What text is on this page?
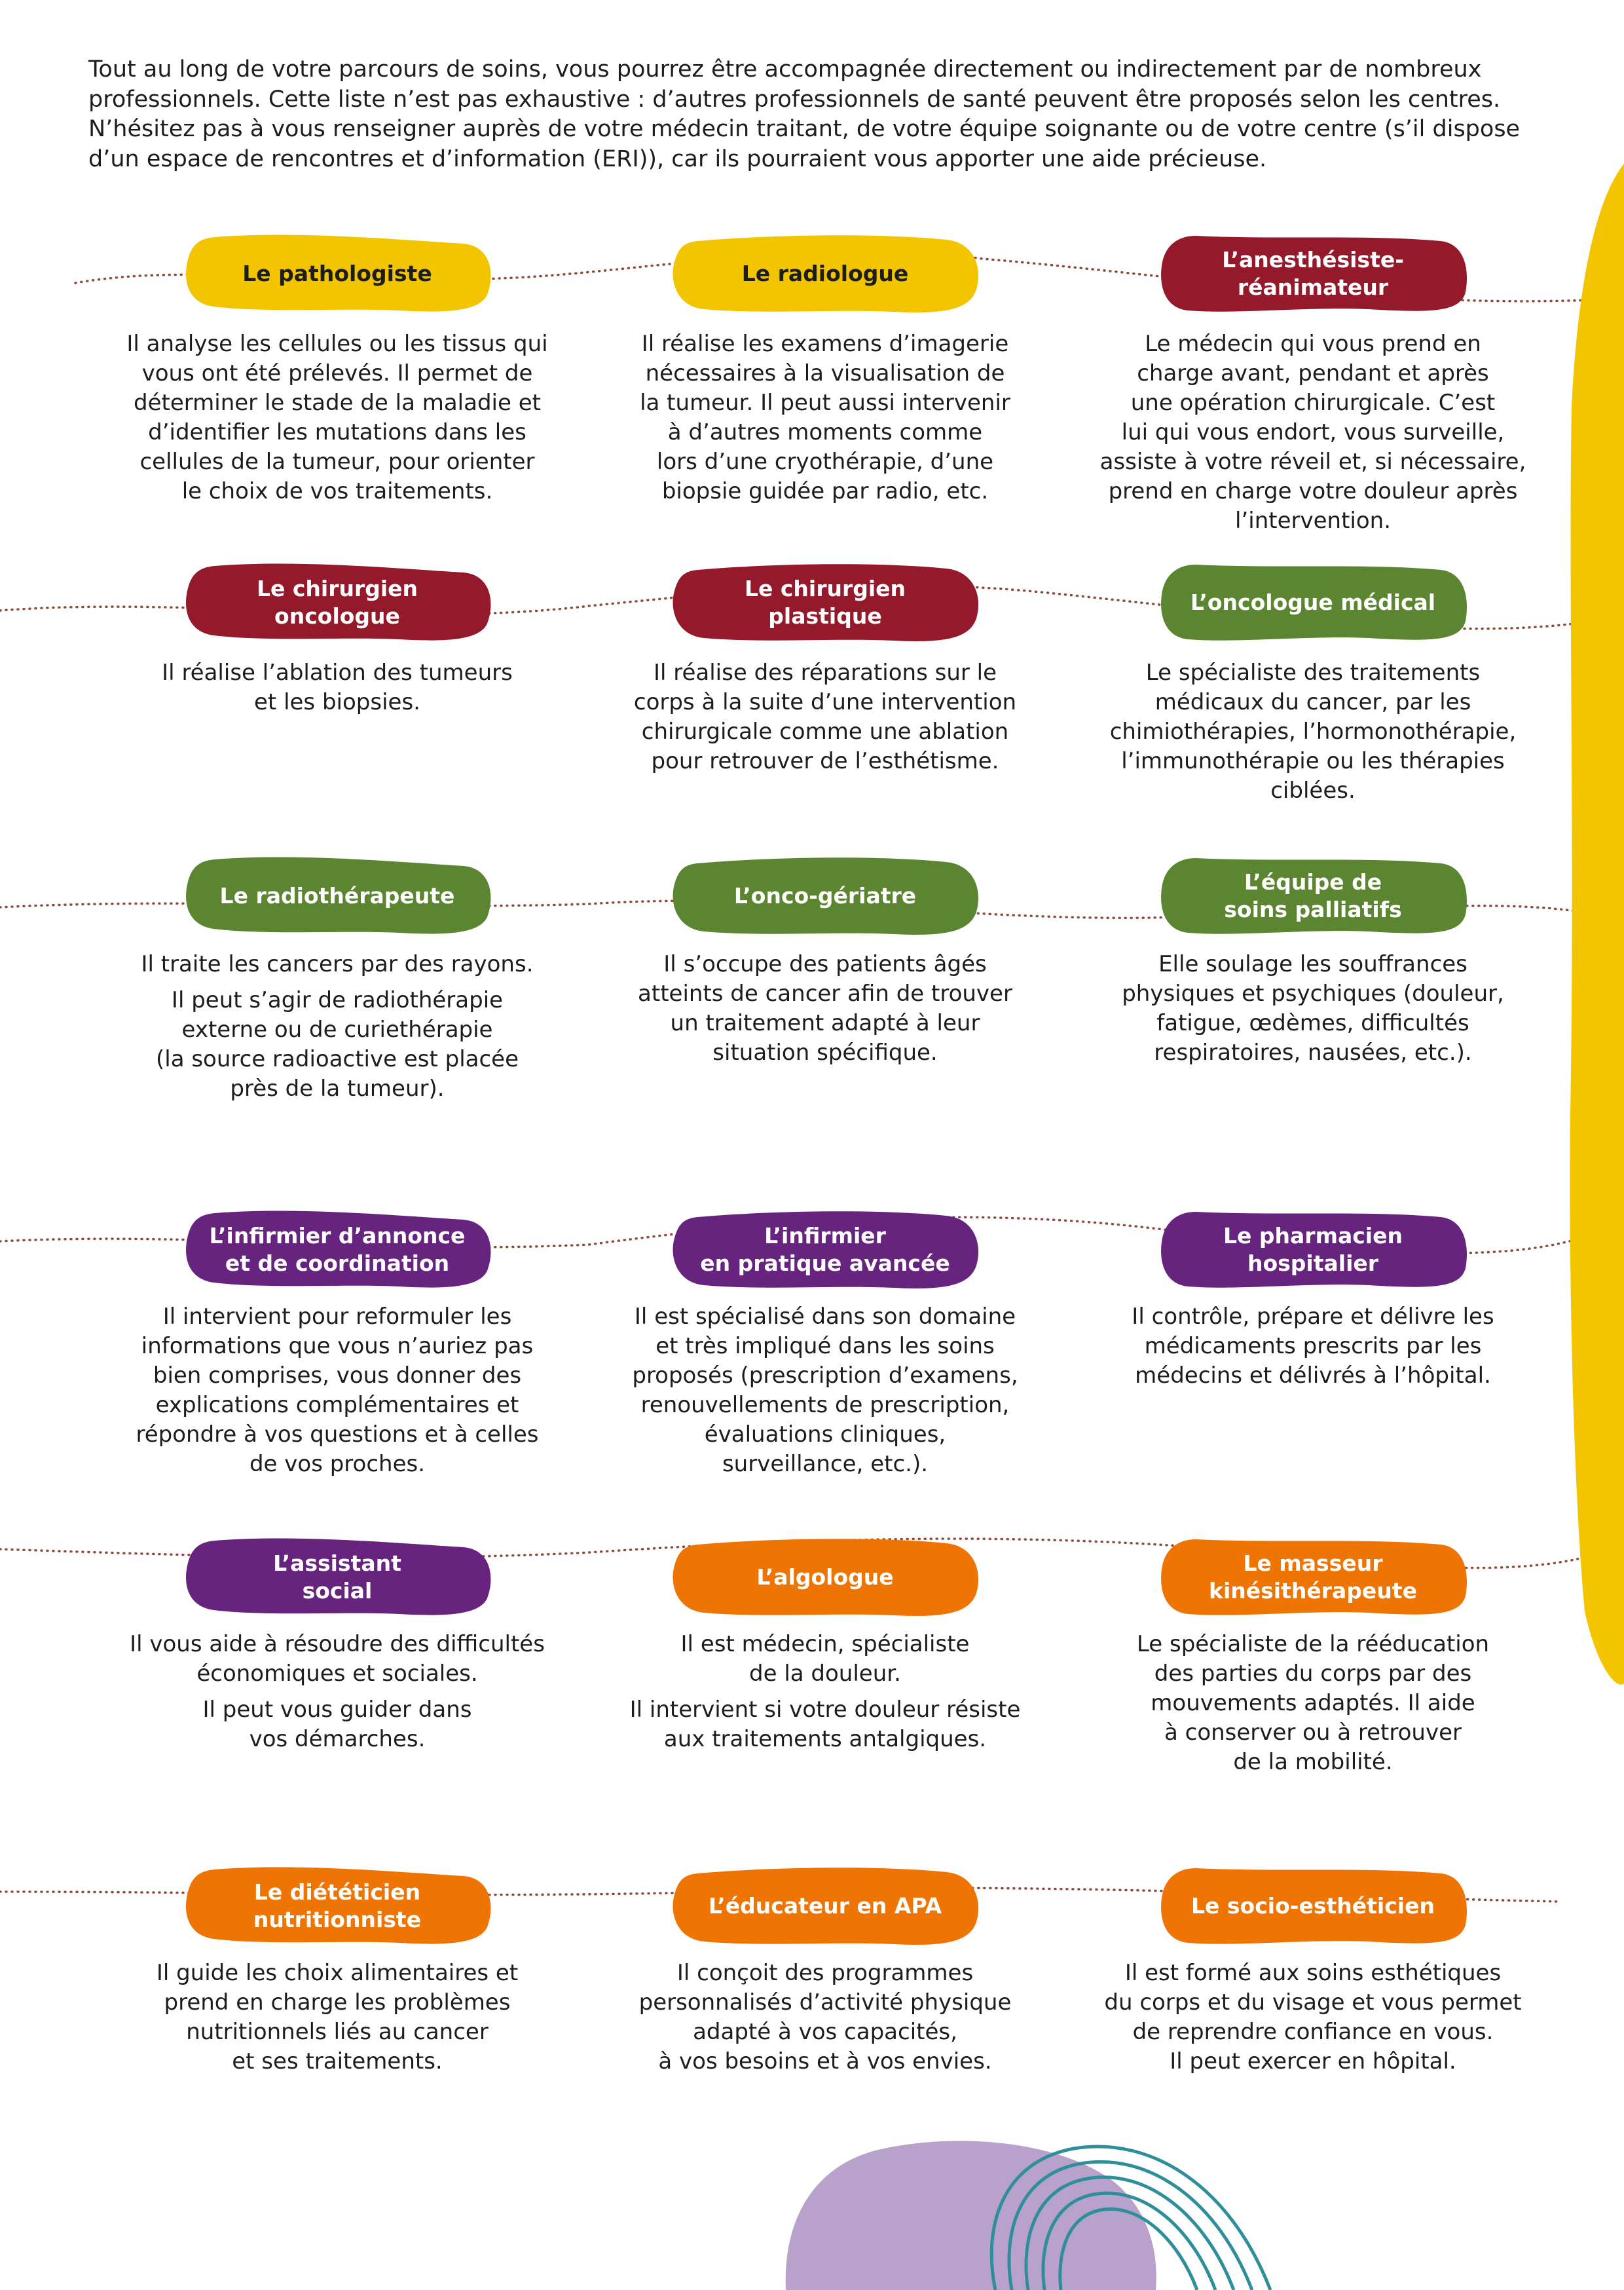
Tout au long de votre parcours de soins, vous pourrez être accompagnée directement ou indirectement par de nombreux professionnels. Cette liste n’est pas exhaustive : d’autres professionnels de santé peuvent être proposés selon les centres. N’hésitez pas à vous renseigner auprès de votre médecin traitant, de votre équipe soignante ou de votre centre (s’il dispose d’un espace de rencontres et d’information (ERI)), car ils pourraient vous apporter une aide précieuse.

Le pathologiste
Il analyse les cellules ou les tissus qui
vous ont été prélevés. Il permet de
déterminer le stade de la maladie et
d’identifier les mutations dans les
cellules de la tumeur, pour orienter
le choix de vos traitements.
Le radiologue
Il réalise les examens d’imagerie
nécessaires à la visualisation de
la tumeur. Il peut aussi intervenir
à d’autres moments comme
lors d’une cryothérapie, d’une
biopsie guidée par radio, etc.
L’anesthésiste-réanimateur
Le médecin qui vous prend en
charge avant, pendant et après
une opération chirurgicale. C’est
lui qui vous endort, vous surveille,
assiste à votre réveil et, si nécessaire,
prend en charge votre douleur après
l’intervention.
Le chirurgien
oncologue
Il réalise l’ablation des tumeurs
et les biopsies.
Le chirurgien
plastique
Il réalise des réparations sur le
corps à la suite d’une intervention
chirurgicale comme une ablation
pour retrouver de l’esthétisme.
L’oncologue médical
Le spécialiste des traitements
médicaux du cancer, par les
chimiothérapies, l’hormonothérapie,
l’immunothérapie ou les thérapies
ciblées.
Le radiothérapeute
Il traite les cancers par des rayons.
Il peut s’agir de radiothérapie
externe ou de curiethérapie
(la source radioactive est placée
près de la tumeur).
L’onco-gériatre
Il s’occupe des patients âgés
atteints de cancer afin de trouver
un traitement adapté à leur
situation spécifique.
L’équipe de
soins palliatifs
Elle soulage les souffrances
physiques et psychiques (douleur,
fatigue, œdèmes, difficultés
respiratoires, nausées, etc.).
L’infirmier d’annonce
et de coordination
Il intervient pour reformuler les
informations que vous n’auriez pas
bien comprises, vous donner des
explications complémentaires et
répondre à vos questions et à celles
de vos proches.
L’infirmier
en pratique avancée
Il est spécialisé dans son domaine
et très impliqué dans les soins
proposés (prescription d’examens,
renouvellements de prescription,
évaluations cliniques,
surveillance, etc.).
Le pharmacien
hospitalier
Il contrôle, prépare et délivre les
médicaments prescrits par les
médecins et délivrés à l’hôpital.
L’assistant
social
Il vous aide à résoudre des difficultés
économiques et sociales.
Il peut vous guider dans
vos démarches.
L’algologue
Il est médecin, spécialiste
de la douleur.
Il intervient si votre douleur résiste
aux traitements antalgiques.
Le masseur
kinésithérapeute
Le spécialiste de la rééducation
des parties du corps par des
mouvements adaptés. Il aide
à conserver ou à retrouver
de la mobilité.
Le diététicien
nutritionniste
Il guide les choix alimentaires et
prend en charge les problèmes
nutritionnels liés au cancer
et ses traitements.
L’éducateur en APA
Il conçoit des programmes
personnalisés d’activité physique
adapté à vos capacités,
à vos besoins et à vos envies.
Le socio-esthéticien
Il est formé aux soins esthétiques
du corps et du visage et vous permet
de reprendre confiance en vous.
Il peut exercer en hôpital.
